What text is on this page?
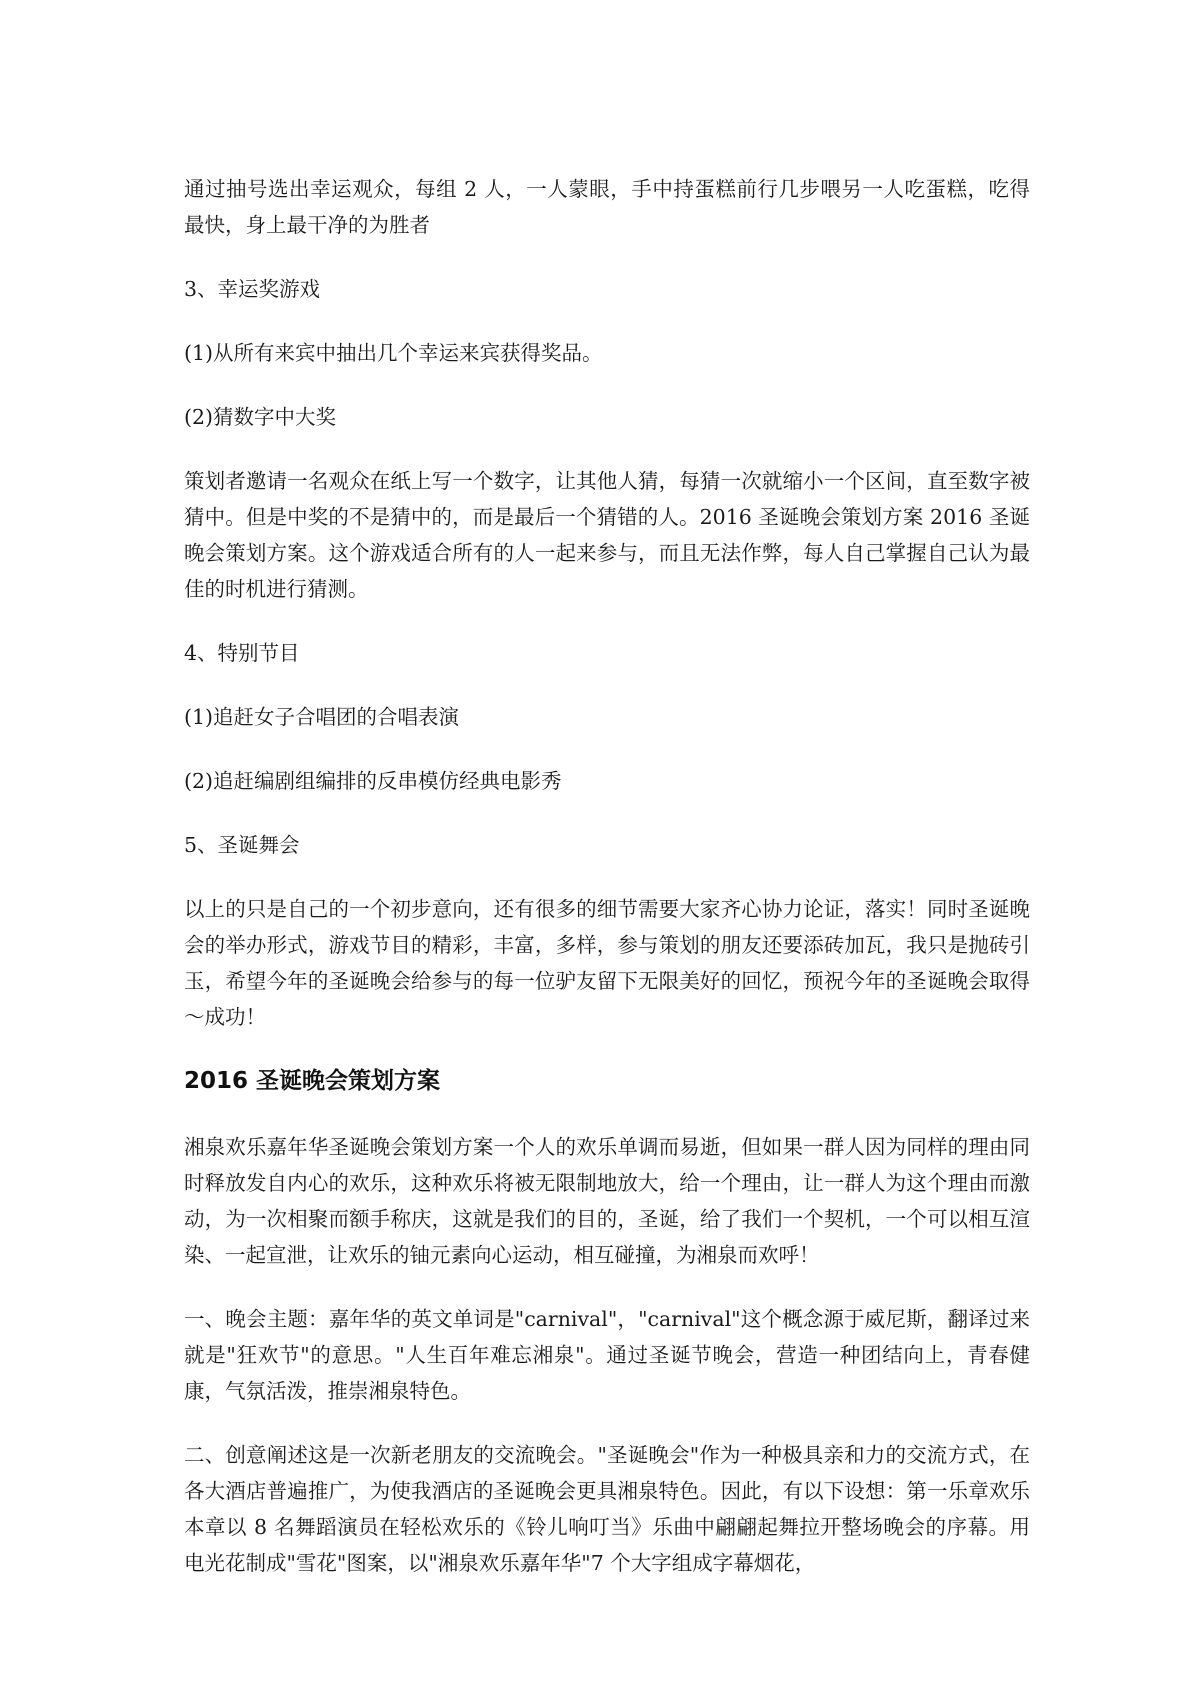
通过抽号选出幸运观众，每组 2 人，一人蒙眼，手中持蛋糕前行几步喂另一人吃蛋糕，吃得最快，身上最干净的为胜者

3、幸运奖游戏

(1)从所有来宾中抽出几个幸运来宾获得奖品。

(2)猜数字中大奖

策划者邀请一名观众在纸上写一个数字，让其他人猜，每猜一次就缩小一个区间，直至数字被猜中。但是中奖的不是猜中的，而是最后一个猜错的人。2016 圣诞晚会策划方案 2016 圣诞晚会策划方案。这个游戏适合所有的人一起来参与，而且无法作弊，每人自己掌握自己认为最佳的时机进行猜测。

4、特别节目

(1)追赶女子合唱团的合唱表演

(2)追赶编剧组编排的反串模仿经典电影秀

5、圣诞舞会

以上的只是自己的一个初步意向，还有很多的细节需要大家齐心协力论证，落实！同时圣诞晚会的举办形式，游戏节目的精彩，丰富，多样，参与策划的朋友还要添砖加瓦，我只是抛砖引玉，希望今年的圣诞晚会给参与的每一位驴友留下无限美好的回忆，预祝今年的圣诞晚会取得～成功！

2016 圣诞晚会策划方案

湘泉欢乐嘉年华圣诞晚会策划方案一个人的欢乐单调而易逝，但如果一群人因为同样的理由同时释放发自内心的欢乐，这种欢乐将被无限制地放大，给一个理由，让一群人为这个理由而激动，为一次相聚而额手称庆，这就是我们的目的，圣诞，给了我们一个契机，一个可以相互渲染、一起宣泄，让欢乐的铀元素向心运动，相互碰撞，为湘泉而欢呼！

一、晚会主题：嘉年华的英文单词是"carnival"，"carnival"这个概念源于威尼斯，翻译过来就是"狂欢节"的意思。"人生百年难忘湘泉"。通过圣诞节晚会，营造一种团结向上，青春健康，气氛活泼，推崇湘泉特色。

二、创意阐述这是一次新老朋友的交流晚会。"圣诞晚会"作为一种极具亲和力的交流方式，在各大酒店普遍推广，为使我酒店的圣诞晚会更具湘泉特色。因此，有以下设想：第一乐章欢乐本章以 8 名舞蹈演员在轻松欢乐的《铃儿响叮当》乐曲中翩翩起舞拉开整场晚会的序幕。用电光花制成"雪花"图案，以"湘泉欢乐嘉年华"7 个大字组成字幕烟花，
